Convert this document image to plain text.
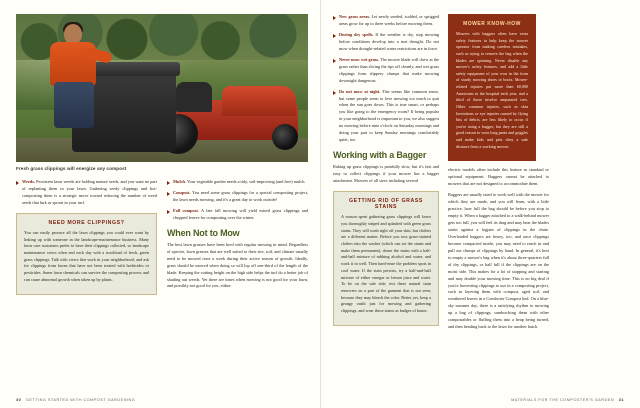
Fresh grass clippings will energize any compost
Weeds. Persistent lawn weeds are holding mature seeds, and you want no part of replanting them in your lawn. Gathering seedy clippings and hot-composting them is a strategic move toward reducing the number of weed seeds that lurk or sprout in your turf.
NEED MORE CLIPPINGS?

You can easily procure all the lawn clippings you could ever want by linking up with someone in the landscape-maintenance business. Many lawn care customers prefer to have their clippings collected, so landscape maintenance crews often end each day with a truckload of fresh, green grass clippings. Talk with crews that work in your neighborhood, and ask for clippings from lawns that have not been treated with herbicides or pesticides. Some lawn chemicals can survive the composting process and can cause abnormal growth when taken up by plants.

Mulch. Your vegetable garden needs a tidy, soil-improving (and free) mulch.
Compost. You need some grass clippings for a special composting project, the lawn needs mowing, and it's a great day to work outside!
Fall compost. A late fall mowing will yield mixed grass clippings and chopped leaves for composting over the winter.
When Not to Mow

The best lawn grasses have been bred with regular mowing in mind. Regardless of species, lawn grasses that are well suited to their site, soil, and climate usually need to be mowed once a week during their active season of growth. Ideally, grass should be mowed when doing so will lop off one-third of the length of the blade. Keeping the cutting height on the high side helps the turf do a better job of shading out weeds. Yet there are times when mowing is not good for your lawn, and possibly not good for you, either:

30 GETTING STARTED WITH COMPOST GARDENING
New grass areas. Let newly seeded, sodded, or sprigged areas grow for up to three weeks before mowing them.
During dry spells. If the weather is dry, stop mowing before conditions develop into a true drought. Do not mow when drought-related water restrictions are in force.
Never mow wet grass. The mower blade will chew at the grass rather than slicing the tips off cleanly, and wet grass clippings form slippery clumps that make mowing downright dangerous.
Do not mow at night. This seems like common sense, but some people seem to love mowing too much to quit when the sun goes down. This is true smart, or perhaps you like going to the emergency room? If being popular in your neighborhood is important to you, we also suggest no mowing before nine o'clock on Saturday mornings and doing your part to keep Sunday mornings comfortably quiet, too.
Working with a Bagger

Raking up grass clippings is painfully slow, but it's fast and easy to collect clippings if your mower has a bagger attachment. Mowers of all sizes including several

GETTING RID OF GRASS STAINS

A season spent gathering grass clippings will leave you thoroughly striped and splashed with green grass stains. They will wash right off your skin, but clothes are a different matter. Before you toss grass-stained clothes into the washer (which can set the stains and make them permanent), douse the stains with a half-and-half mixture of rubbing alcohol and water, and work it in well. Then hard-rinse the problem spots in cool water. If the stain persists, try a half-and-half mixture of either vinegar or lemon juice and water. To be on the safe side, test these natural stain removers on a part of the garment that is not seen, because they may bleach the color. Better yet, keep a grungy outfit just for mowing and gathering clippings, and wear those stains as badges of honor.

MOWER KNOW-HOW

Mowers with baggers often have extra safety features to help keep the mower operator from making careless mistakes, such as trying to remove the bag when the blades are spinning. Never disable any mower's safety features, and add a little safety equipment of your own in the form of sturdy mowing shoes or boots. Mower-related injuries put more than 60,000 Americans in the hospital each year, and a third of those involve amputated toes. Other common injuries, such as skin lacerations or eye injuries caused by flying bits of debris, are less likely to occur if you're using a bagger, but they are still a good reason to wear long pants and goggles and make kids and pets obey a safe distance from a working mower.

electric models often include this feature as standard or optional equipment. Baggers cannot be attached to mowers that are not designed to accommodate them.

Baggers are usually rated to work well with the mower for which they are made, and you will learn, with a little practice, how full the bag should be before you stop to empty it. When a bagger attached to a walk-behind mower gets too full, you will feel its drag and may hear the blades strain against a logjam of clippings in the chute. Overloaded baggers are heavy, too, and once clippings become compacted inside, you may need to reach in and pull out clumps of clippings by hand. In general, it's best to empty a mower's bag when it's about three-quarters full of dry clippings, or half full if the clippings are on the moist side. This makes for a lot of stopping and starting and may double your mowing time. This is no big deal if you're harvesting clippings to use in a composting project, such as layering them with compost, aged soil, and weathered leaves in a Comforter Compost bed. On a blue-sky summer day, there is a satisfying rhythm to mowing up a bag of clippings, sandwiching them with other compostables or fluffing them into a heap being turned, and then heading back to the lawn for another batch.

MATERIALS FOR THE COMPOSTER'S GARDEN 31
